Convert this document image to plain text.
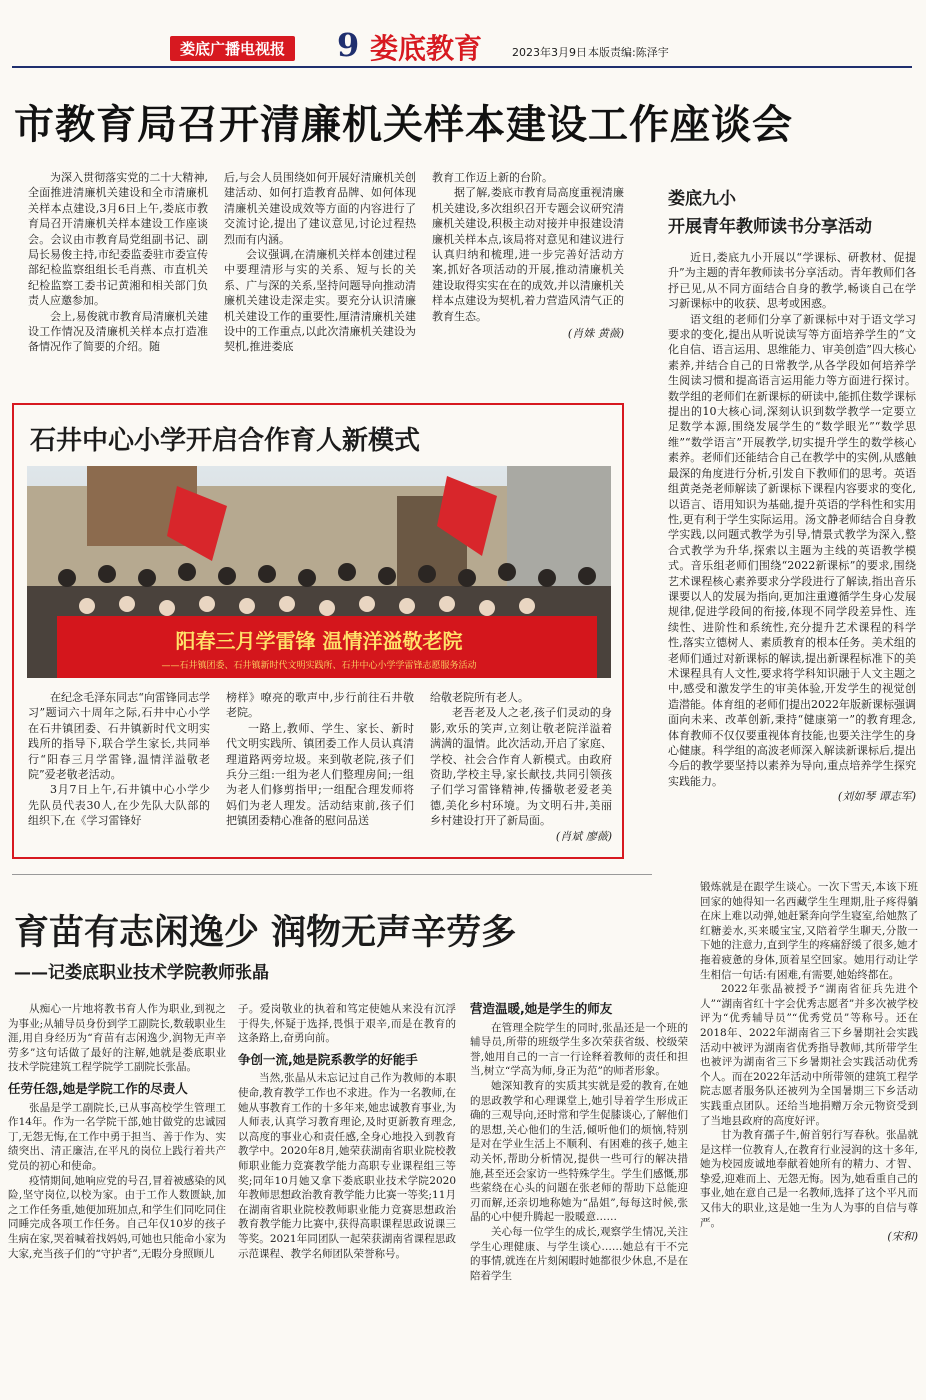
娄底广播电视报	9 娄底教育	2023年3月9日 本版责编:陈泽宇
市教育局召开清廉机关样本建设工作座谈会

为深入贯彻落实党的二十大精神,全面推进清廉机关建设和全市清廉机关样本点建设,3月6日上午,娄底市教育局召开清廉机关样本建设工作座谈会。会议由市教育局党组副书记、副局长易俊主持,市纪委监委驻市委宣传部纪检监察组组长毛肖燕、市直机关纪检监察工委书记黄湘和相关部门负责人应邀参加。

会上,易俊就市教育局清廉机关建设工作情况及清廉机关样本点打造准备情况作了简要的介绍。随

后,与会人员围绕如何开展好清廉机关创建活动、如何打造教育品牌、如何体现清廉机关建设成效等方面的内容进行了交流讨论,提出了建议意见,讨论过程热烈而有内涵。

会议强调,在清廉机关样本创建过程中要理清形与实的关系、短与长的关系、广与深的关系,坚持问题导向推动清廉机关建设走深走实。要充分认识清廉机关建设工作的重要性,厘清清廉机关建设中的工作重点,以此次清廉机关建设为契机,推进娄底

教育工作迈上新的台阶。

据了解,娄底市教育局高度重视清廉机关建设,多次组织召开专题会议研究清廉机关建设,积极主动对接并申报建设清廉机关样本点,该局将对意见和建议进行认真归纳和梳理,进一步完善好活动方案,抓好各项活动的开展,推动清廉机关建设取得实实在在的成效,并以清廉机关样本点建设为契机,着力营造风清气正的教育生态。

(肖姝 黄薇)
娄底九小
开展青年教师读书分享活动

近日,娄底九小开展以“学课标、研教材、促提升”为主题的青年教师读书分享活动。青年教师们各抒已见,从不同方面结合自身的教学,畅谈自己在学习新课标中的收获、思考或困惑。

语文组的老师们分享了新课标中对于语文学习要求的变化,提出从听说读写等方面培养学生的“文化自信、语言运用、思维能力、审美创造”四大核心素养,并结合自己的日常教学,从各学段如何培养学生阅读习惯和提高语言运用能力等方面进行探讨。数学组的老师们在新课标的研读中,能抓住数学课标提出的10大核心词,深刻认识到数学教学一定要立足数学本源,围绕发展学生的“数学眼光”“数学思维”“数学语言”开展教学,切实提升学生的数学核心素养。老师们还能结合自己在教学中的实例,从感触最深的角度进行分析,引发自下教师们的思考。英语组黄尧尧老师解读了新课标下课程内容要求的变化,以语言、语用知识为基础,提升英语的学科性和实用性,更有利于学生实际运用。汤文静老师结合自身教学实践,以问题式教学为引导,情景式教学为深入,整合式教学为升华,探索以主题为主线的英语教学模式。音乐组老师们围绕“2022新课标”的要求,围绕艺术课程核心素养要求分学段进行了解读,指出音乐课要以人的发展为指向,更加注重遵循学生身心发展规律,促进学段间的衔接,体现不同学段差异性、连续性、进阶性和系统性,充分提升艺术课程的科学性,落实立德树人、素质教育的根本任务。美术组的老师们通过对新课标的解读,提出新课程标准下的美术课程具有人文性,要求将学科知识融于人文主题之中,感受和激发学生的审美体验,开发学生的视觉创造潜能。体育组的老师们提出2022年版新课标强调面向未来、改革创新,秉持“健康第一”的教育理念,体育教师不仅仅要重视体育技能,也要关注学生的身心健康。科学组的高波老师深入解读新课标后,提出今后的教学要坚持以素养为导向,重点培养学生探究实践能力。

(刘如琴 谭志军)
石井中心小学开启合作育人新模式
阳春三月学雷锋 温情洋溢敬老院
——石井镇团委、石井镇新时代文明实践所、石井中心小学学雷锋志愿服务活动

在纪念毛泽东同志“向雷锋同志学习”题词六十周年之际,石井中心小学在石井镇团委、石井镇新时代文明实践所的指导下,联合学生家长,共同举行“阳春三月学雷锋,温情洋溢敬老院”爱老敬老活动。

3月7日上午,石井镇中心小学少先队员代表30人,在少先队大队部的组织下,在《学习雷锋好

榜样》嘹亮的歌声中,步行前往石井敬老院。

一路上,教师、学生、家长、新时代文明实践所、镇团委工作人员认真清理道路两旁垃圾。来到敬老院,孩子们兵分三组:一组为老人们整理房间;一组为老人们修剪指甲;一组配合理发师将妈们为老人理发。活动结束前,孩子们把镇团委精心准备的慰问品送

给敬老院所有老人。

老吾老及人之老,孩子们灵动的身影,欢乐的笑声,立刻让敬老院洋溢着满满的温情。此次活动,开启了家庭、学校、社会合作育人新模式。由政府资助,学校主导,家长献技,共同引领孩子们学习雷锋精神,传播敬老爱老美德,美化乡村环境。为文明石井,美丽乡村建设打开了新局面。

(肖斌 廖薇)
育苗有志闲逸少 润物无声辛劳多
——记娄底职业技术学院教师张晶

从痴心一片地将教书育人作为职业,到视之为事业;从辅导员身份到学工副院长,数载职业生涯,用自身经历为“育苗有志闲逸少,润物无声辛劳多”这句话做了最好的注解,她就是娄底职业技术学院建筑工程学院学工副院长张晶。

任劳任怨,她是学院工作的尽责人

张晶是学工副院长,已从事高校学生管理工作14年。作为一名学院干部,她甘做党的忠诚园丁,无怨无悔,在工作中勇于担当、善于作为、实绩突出、清正廉洁,在平凡的岗位上践行着共产党员的初心和使命。

疫情期间,她响应党的号召,冒着被感染的风险,坚守岗位,以校为家。由于工作人数匮缺,加之工作任务重,她便加班加点,和学生们同吃同住同睡完成各项工作任务。自己年仅10岁的孩子生病在家,哭着喊着找妈妈,可她也只能命小家为大家,充当孩子们的“守护者”,无暇分身照顾儿

子。爱岗敬业的执着和笃定使她从来没有沉浮于得失,怀疑于选择,畏惧于艰辛,而是在教育的这条路上,奋勇向前。

争创一流,她是院系教学的好能手

当然,张晶从未忘记过自己作为教师的本职使命,教育教学工作也不求进。作为一名教师,在她从事教育工作的十多年来,她忠诚教育事业,为人师表,认真学习教育理论,及时更新教育理念,以高度的事业心和责任感,全身心地投入到教育教学中。2020年8月,她荣获湖南省职业院校教师职业能力竞赛教学能力高职专业课程组三等奖;同年10月她又拿下娄底职业技术学院2020年教师思想政治教育教学能力比赛一等奖;11月在湖南省职业院校教师职业能力竞赛思想政治教育教学能力比赛中,获得高职课程思政说课三等奖。2021年同团队一起荣获湖南省课程思政示范课程、教学名师团队荣誉称号。

营造温暖,她是学生的师友

在管理全院学生的同时,张晶还是一个班的辅导员,所带的班级学生多次荣获省级、校级荣誉,她用自己的一言一行诠释着教师的责任和担当,树立“学高为师,身正为范”的师者形象。

她深知教育的实质其实就是爱的教育,在她的思政教学和心理课堂上,她引导着学生形成正确的三观导向,还时常和学生促膝谈心,了解他们的思想,关心他们的生活,倾听他们的烦恼,特别是对在学业生活上不顺利、有困难的孩子,她主动关怀,帮助分析情况,提供一些可行的解决措施,甚至还会家访一些特殊学生。学生们感慨,那些萦绕在心头的问题在张老师的帮助下总能迎刃而解,还亲切地称她为“晶姐”,每每这时候,张晶的心中便升腾起一股暖意……

关心每一位学生的成长,观察学生情况,关注学生心理健康、与学生谈心……她总有干不完的事情,就连在片刻闲暇时她都很少休息,不是在陪着学生

锻炼就是在跟学生谈心。一次下雪天,本该下班回家的她得知一名西藏学生生理期,肚子疼得躺在床上难以动弹,她赶紧奔向学生寝室,给她熬了红糖姜水,买来暖宝宝,又陪着学生聊天,分散一下她的注意力,直到学生的疼痛舒缓了很多,她才拖着疲惫的身体,顶着星空回家。她用行动让学生相信一句话:有困难,有需要,她始终都在。

2022年张晶被授予“湖南省征兵先进个人”“湖南省红十字会优秀志愿者”并多次被学校评为“优秀辅导员”“优秀党员”等称号。还在2018年、2022年湖南省三下乡暑期社会实践活动中被评为湖南省优秀指导教师,其所带学生也被评为湖南省三下乡暑期社会实践活动优秀个人。而在2022年活动中所带领的建筑工程学院志愿者服务队还被列为全国暑期三下乡活动实践重点团队。还给当地捐赠万余元物资受到了当地县政府的高度好评。

甘为教育孺子牛,俯首躬行写春秋。张晶就是这样一位教育人,在教育行业浸润的这十多年,她为校园废诚地奉献着她所有的精力、才智、挚爱,迎难而上、无怨无悔。因为,她看重自己的事业,她在意自己是一名教师,选择了这个平凡而又伟大的职业,这是她一生为人为事的自信与尊严。

(宋和)
